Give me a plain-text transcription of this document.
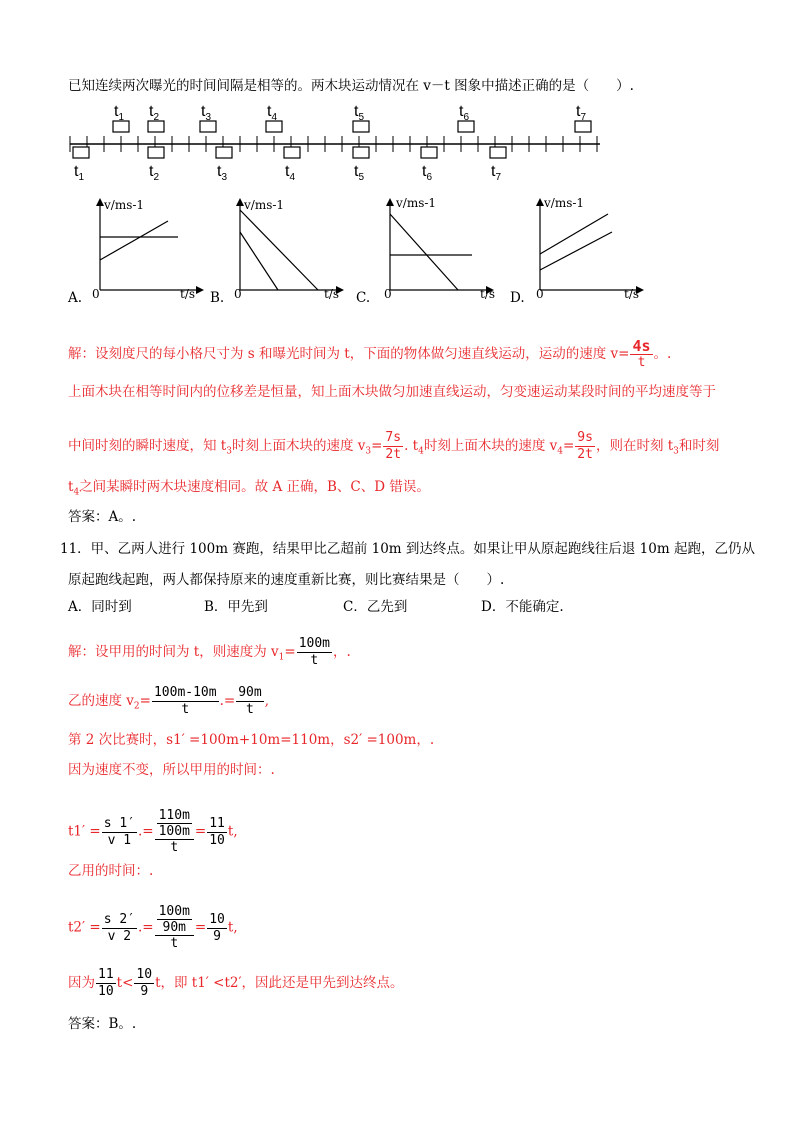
已知连续两次曝光的时间间隔是相等的。两木块运动情况在 v－t 图象中描述正确的是（　　）.
$t_1$ $t_2$	$t_3$	$t_4$	$t_5$	$t_6$	$t_7$
$t_1$	$t_2$	$t_3$	$t_4$	$t_5$	$t_6$	$t_7$
v/ms-1	v/ms-1	v/ms-1	v/ms-1
A. 0	t/s B. 0	t/s C. 0	t/s D. 0	t/s
解：设刻度尺的每小格尺寸为 s 和曝光时间为 t，下面的物体做匀速直线运动，运动的速度 $v= \frac{4s}{t}$ 。.
上面木块在相等时间内的位移差是恒量，知上面木块做匀加速直线运动，匀变速运动某段时间的平均速度等于
中间时刻的瞬时速度，知 $t_3$时刻上面木块的速度 $v_3= \frac{7s}{2t}$ . $t_4$时刻上面木块的速度 $v_4= \frac{9s}{2t}$ ，则在时刻 $t_3$和时刻
$t_4$之间某瞬时两木块速度相同。故 A 正确，B、C、D 错误。
答案：A。.
11．甲、乙两人进行 100m 赛跑，结果甲比乙超前 10m 到达终点。如果让甲从原起跑线往后退 10m 起跑，乙仍从
原起跑线起跑，两人都保持原来的速度重新比赛，则比赛结果是（　　）.
A．同时到	B．甲先到	C．乙先到	D．不能确定.
解：设甲用的时间为 t，则速度为 $v_1= \frac{100m}{t}$ ，.
乙的速度 $v_2= \frac{100m-10m}{t}$ .= $\frac{90m}{t}$ ,
第 2 次比赛时，s1′ =100m+10m=110m，s2′ =100m，.
因为速度不变，所以甲用的时间：.
$t1' = \frac{s 1'}{v 1}$ .= 110m
100m
$t = \frac{11}{10} t$,
乙用的时间：.
$t2' = \frac{s 2'}{v 2}$ .= 100m
90m
$t = \frac{10}{9} t$,
因为 $\frac{11}{10} t< \frac{10}{9}$ t，即 t1′ <t2′，因此还是甲先到达终点。
答案：B。.
